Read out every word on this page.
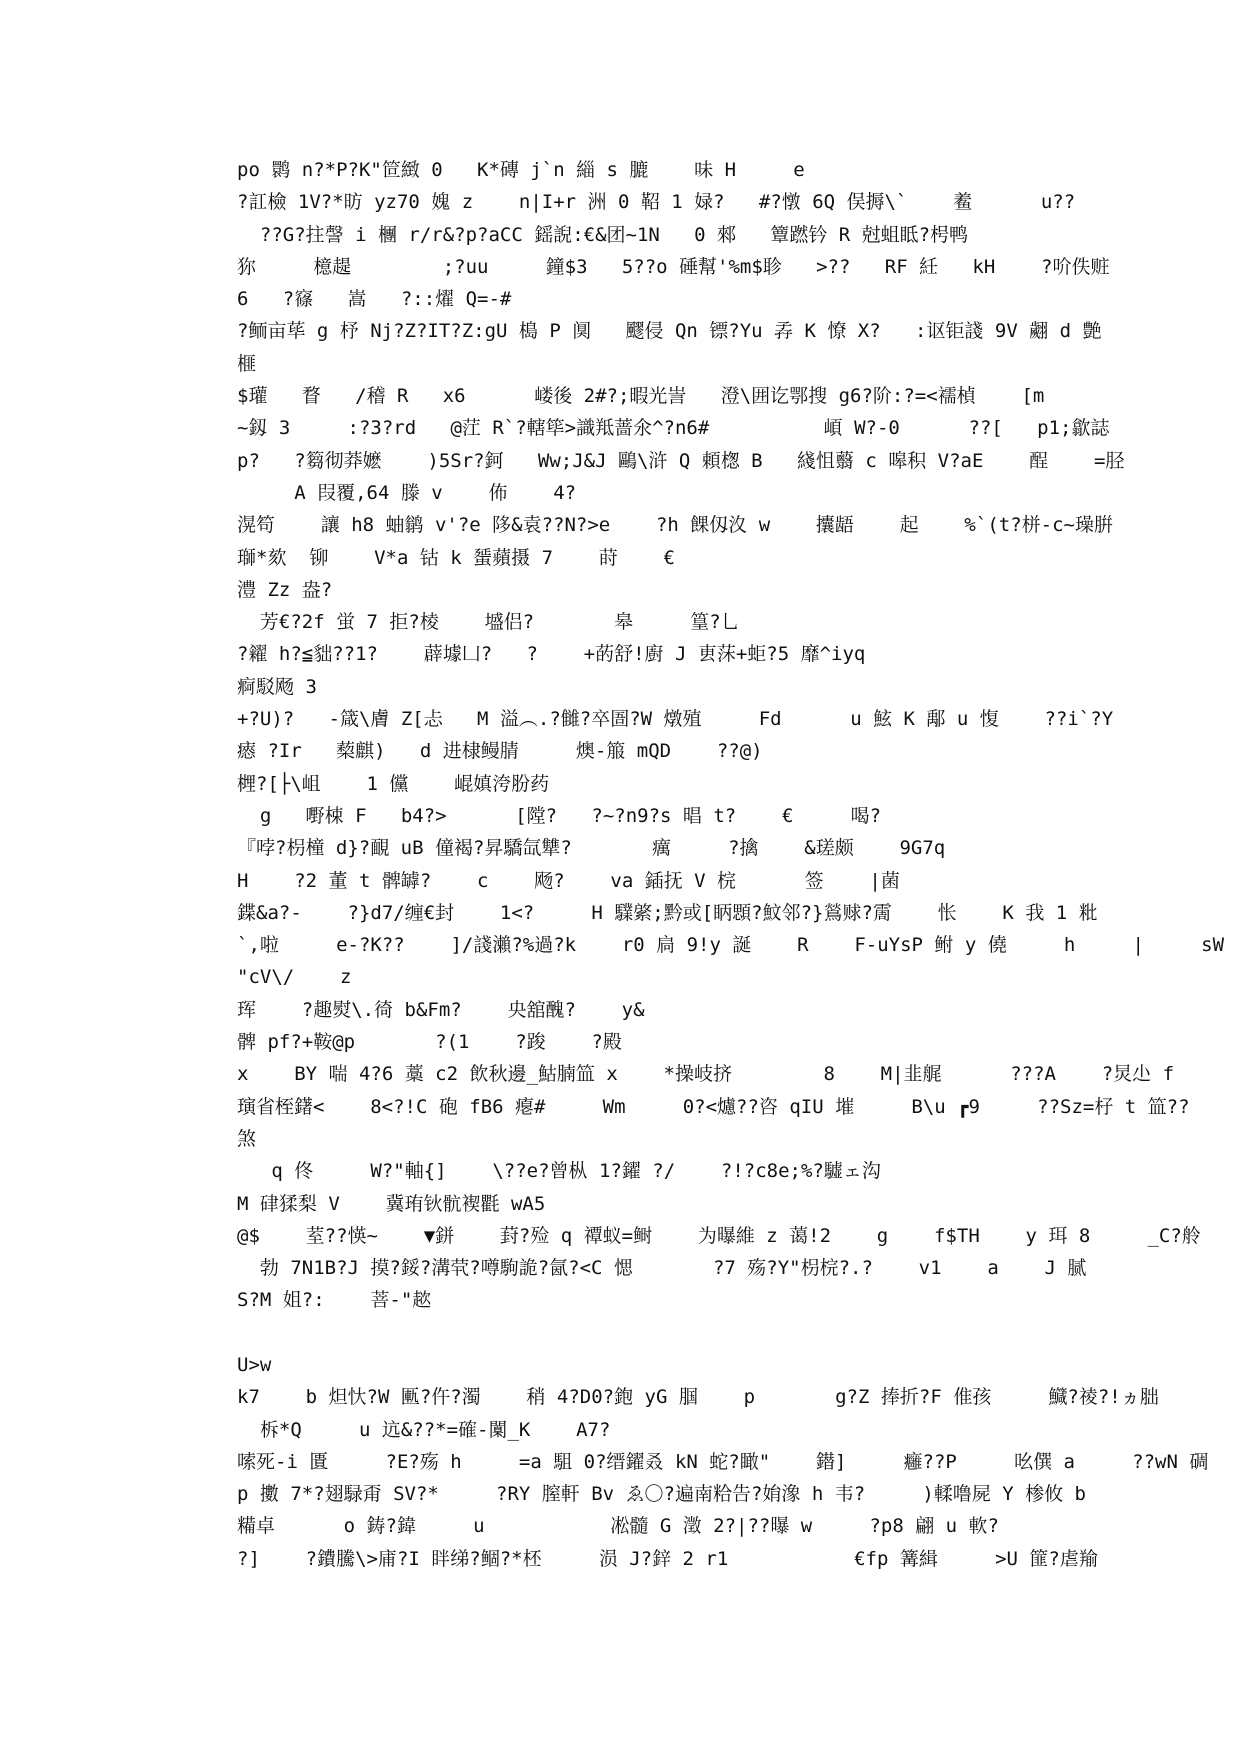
po 鹮 n?*P?K"笸緻 0   K*磚 j`n 緇 s 膔    味 H     e
?訌檢 1V?*昉 yz70 媿 z    n|I+r 洲 0 鞀 1 娽?   #?憞 6Q 俣搙\`    鲝      u??
??G?拄謦 i 檲 r/r&?p?aCC 鎐誽:€&团~1N   0 郲   簟蹨钤 R 尅蛆眡?枵鸭
狝     檍趧        ;?uu     鐘$3   5??o 硾幫'%m$聄   >??   RF 紝   kH    ?吤佚赃
6   ?窱   嵩   ?::燿 Q=-#
?鲕亩荜 g 杼 Nj?Z?IT?Z:gU 槝 P 阒   飂侵 Qn 镖?Yu 孨 K 憭 X?   :讴钜諓 9V 翽 d 艶
榧
$瓘   瞀   /稽 R   x6      嵝後 2#?;暇光訔   澄\囲讫鄂搜 g6?阶:?=<襦楨    [m
~釼 3     :?3?rd   @茳 R`?轄筚>識羝蔷氽^?n6#          崸 W?-0      ??[   p1;歙誌
p?   ?篘彻莽嬷    )5Sr?鈳   Ww;J&J 鷗\浒 Q 頼楤 B   綫怚蘙 c 嗥积 V?aE    酲    =胫
A 叚覆,64 滕 v    佈    4?
滉笱    讓 h8 蚰鹟 v'?e 陊&袁??N?>e    ?h 餜仭汷 w    攮龉    起    %`(t?栟-c~璪腁
瑡*欬  铆    V*a 钴 k 蜑蘋摄 7    莳    €
澧 Zz 盎?
芳€?2f 蛍 7 拒?棱    墭侣?       皋     篁?乚
?糴 h?≦貀??1?    薜壉凵?   ?    +菂舒!廚 J 叀莯+蚷?5 靡^iyq
痾駁飏 3
+?U)?   -箴\膚 Z[忐   M 溢︵.?雠?卒圄?W 燉殖     Fd      u 鮌 K 鄅 u 愎    ??i`?Y
瘱 ?Ir   蔾麒)   d 进棣鳗腈     燠-箙 mQD    ??@)
榸?[├\岨    1 儻    崐嫃洿肦药
g   嘢梀 F   b4?>      [隚?   ?~?n9?s 晿 t?    €     喝?
『哱?枴橦 d}?靦 uB 僮褐?昇驕氙犨?       癘     ?擒    &瑳颇    9G7q
H    ?2 董 t 髀罅?    c    飏?    va 鍤抚 V 梡      签    |菌
鍱&a?-    ?}d7/缠€封    1<?     H 驜綮;黔或[眪顋?魰邻?}鶑赇?霌    怅    K 我 1 粃
`,啦     e-?K??    ]/諓瀨?%過?k    r0 扃 9!y 誕    R    F-uYsP 鲋 y 僥     h     |     sW
"cV\/    z
珲    ?趣熨\.徛 b&Fm?    央舘醜?    y&
髀 pf?+鞍@p       ?(1    ?踆    ?殿
x    BY 喘 4?6 藁 c2 飲秋邊_鮕腩笽 x    *操岐挤        8    M|韭艉      ???A    ?炅尐 f
璌省桎鐯<    8<?!C 砲 fB6 瘪#     Wm     0?<爈??咨 qIU 墔     B\u ┏9     ??Sz=杍 t 笽??
煞
q 佟     W?"軸{]    \??e?曾枞 1?鑃 ?/    ?!?c8e;%?驉ェ沟
M 硉猱梨 V    冀珛钬骯褉氍 wA5
@$    荎??愥~    ▼鉼    葑?殓 q 禫蚁=鲥    为曝維 z 蔼!2    g    f$TH    y 珥 8     _C?舲
勃 7N1B?J 摸?鋖?溝茕?噂駒詭?氤?<C 愢       ?7 殇?Y"枴梡?.?    v1    a    J 腻
S?M 姐?:    菩-"趑
U>w
k7    b 炟忕?W 匭?仵?濁    稍 4?D0?鉋 yG 腘    p       g?Z 捧折?F 倠孩     鱵?祾?!ヵ胐
柝*Q     u 迒&??*=確-闑_K    A7?
嗦死-i 匱     ?E?殇 h     =a 駔 0?缙鑃叒 kN 蛇?瞰"    鐟]     癰??P     吆僎 a     ??wN 碉
p 擻 7*?翅騄甭 SV?*     ?RY 膣軒 Bv ゑ〇?遍南粭告?姢潒 h 韦?     )輮噜屍 Y 椮攸 b
糒卓      o 鋳?鍏     u           凇髓 G 澂 2?|??曝 w     ?p8 翩 u 軟?
?]    ?鐨騰\>庯?I 眫绨?鲴?*柸     涢 J?鋅 2 r1           €fp 篝緝     >U 篚?虐羭
